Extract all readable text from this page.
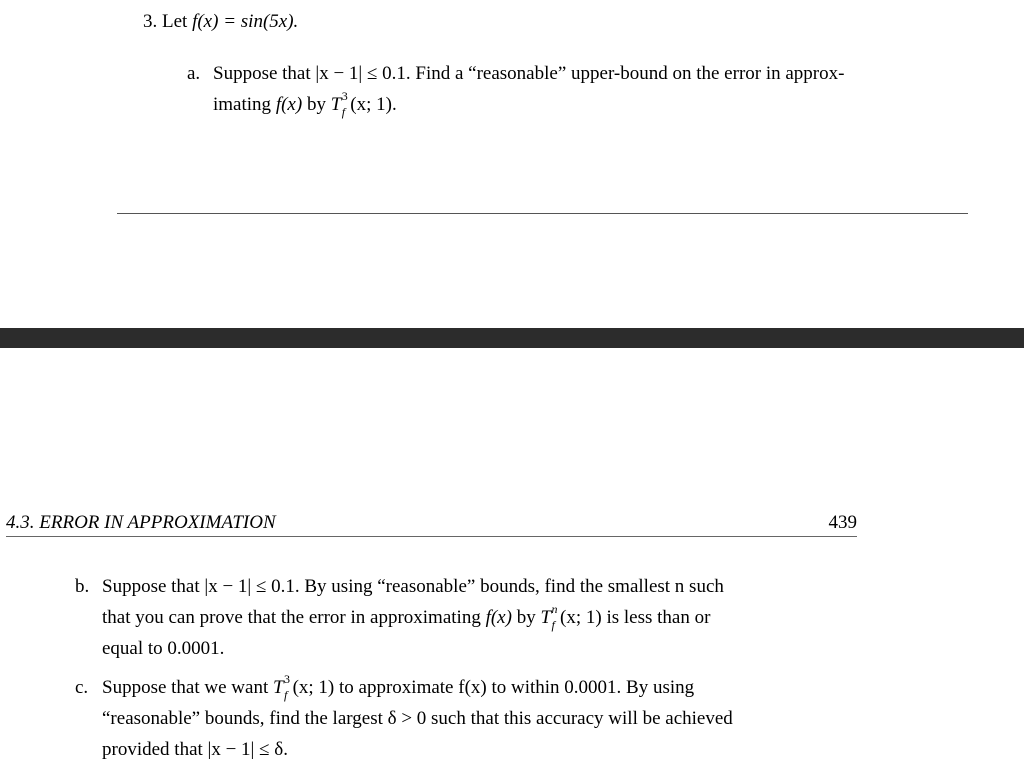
3. Let f(x) = sin(5x).
a. Suppose that |x − 1| ≤ 0.1. Find a “reasonable” upper-bound on the error in approx-
imating f(x) by T 3
f (x; 1).
4.3. ERROR IN APPROXIMATION	439
b. Suppose that |x − 1| ≤ 0.1. By using “reasonable” bounds, find the smallest n such
that you can prove that the error in approximating f(x) by T n
f (x; 1) is less than or
equal to 0.0001.
c. Suppose that we want T 3
f (x; 1) to approximate f(x) to within 0.0001. By using
“reasonable” bounds, find the largest δ > 0 such that this accuracy will be achieved
provided that |x − 1| ≤ δ.
